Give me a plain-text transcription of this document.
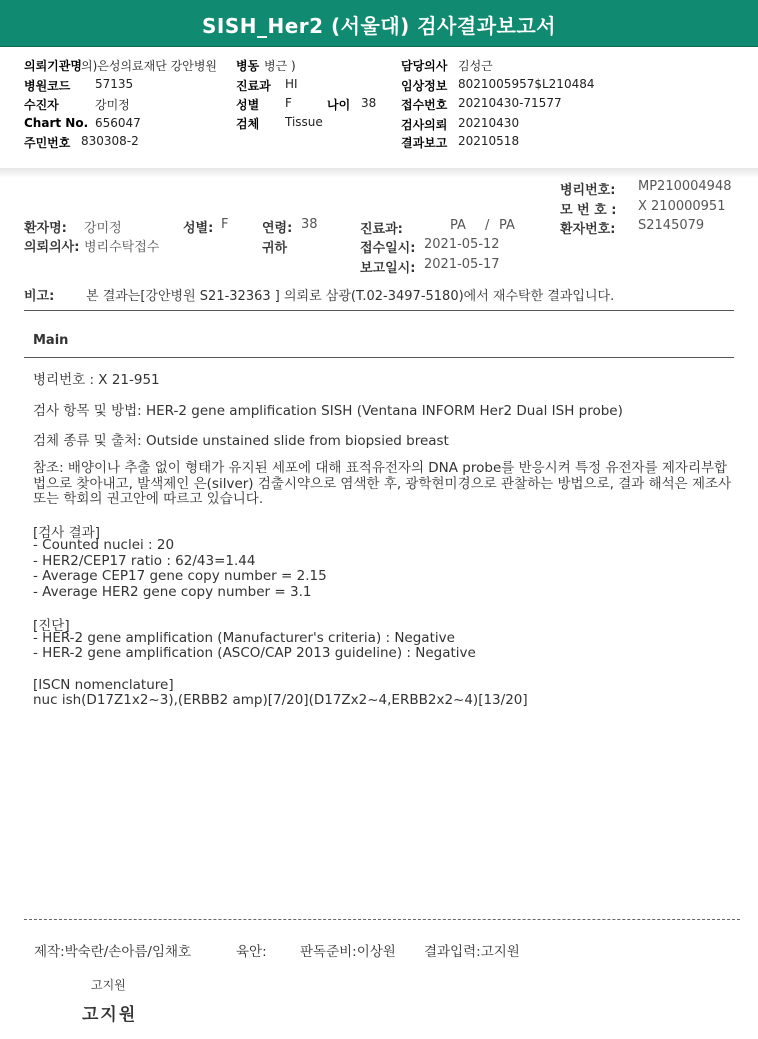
SISH_Her2 (서울대) 검사결과보고서
의뢰기관명 의)은성의료재단 강안병원 병동 병근 )	담당의사 김성근
병원코드 57135	진료과 HI	임상정보 8021005957$L210484
수진자	강미정	성별 F	나이 38 접수번호 20210430-71577
Chart No. 656047	검체 Tissue	검사의뢰 20210430
주민번호 830308-2	결과보고 20210518
병리번호: MP210004948
모 번 호 : X 210000951
환자명: 강미정	성별: F	연령: 38	진료과:	PA / PA	환자번호: S2145079
의뢰의사: 병리수탁접수	귀하	접수일시: 2021-05-12
보고일시: 2021-05-17
비고: 본 결과는[강안병원 S21-32363 ] 의뢰로 삼광(T.02-3497-5180)에서 재수탁한 결과입니다.
Main
병리번호 : X 21-951
검사 항목 및 방법: HER-2 gene amplification SISH (Ventana INFORM Her2 Dual ISH probe)
검체 종류 및 출처: Outside unstained slide from biopsied breast
참조: 배양이나 추출 없이 형태가 유지된 세포에 대해 표적유전자의 DNA probe를 반응시켜 특정 유전자를 제자리부합법으로 찾아내고, 발색제인 은(silver) 검출시약으로 염색한 후, 광학현미경으로 관찰하는 방법으로, 결과 해석은 제조사 또는 학회의 권고안에 따르고 있습니다.
[검사 결과]
- Counted nuclei : 20
- HER2/CEP17 ratio : 62/43=1.44
- Average CEP17 gene copy number = 2.15
- Average HER2 gene copy number = 3.1
[진단]
- HER-2 gene amplification (Manufacturer's criteria) : Negative
- HER-2 gene amplification (ASCO/CAP 2013 guideline) : Negative
[ISCN nomenclature]
nuc ish(D17Z1x2~3),(ERBB2 amp)[7/20](D17Zx2~4,ERBB2x2~4)[13/20]
제작:박숙란/손아름/임채호	육안: 판독준비:이상원 결과입력:고지원
고지원
고지원
